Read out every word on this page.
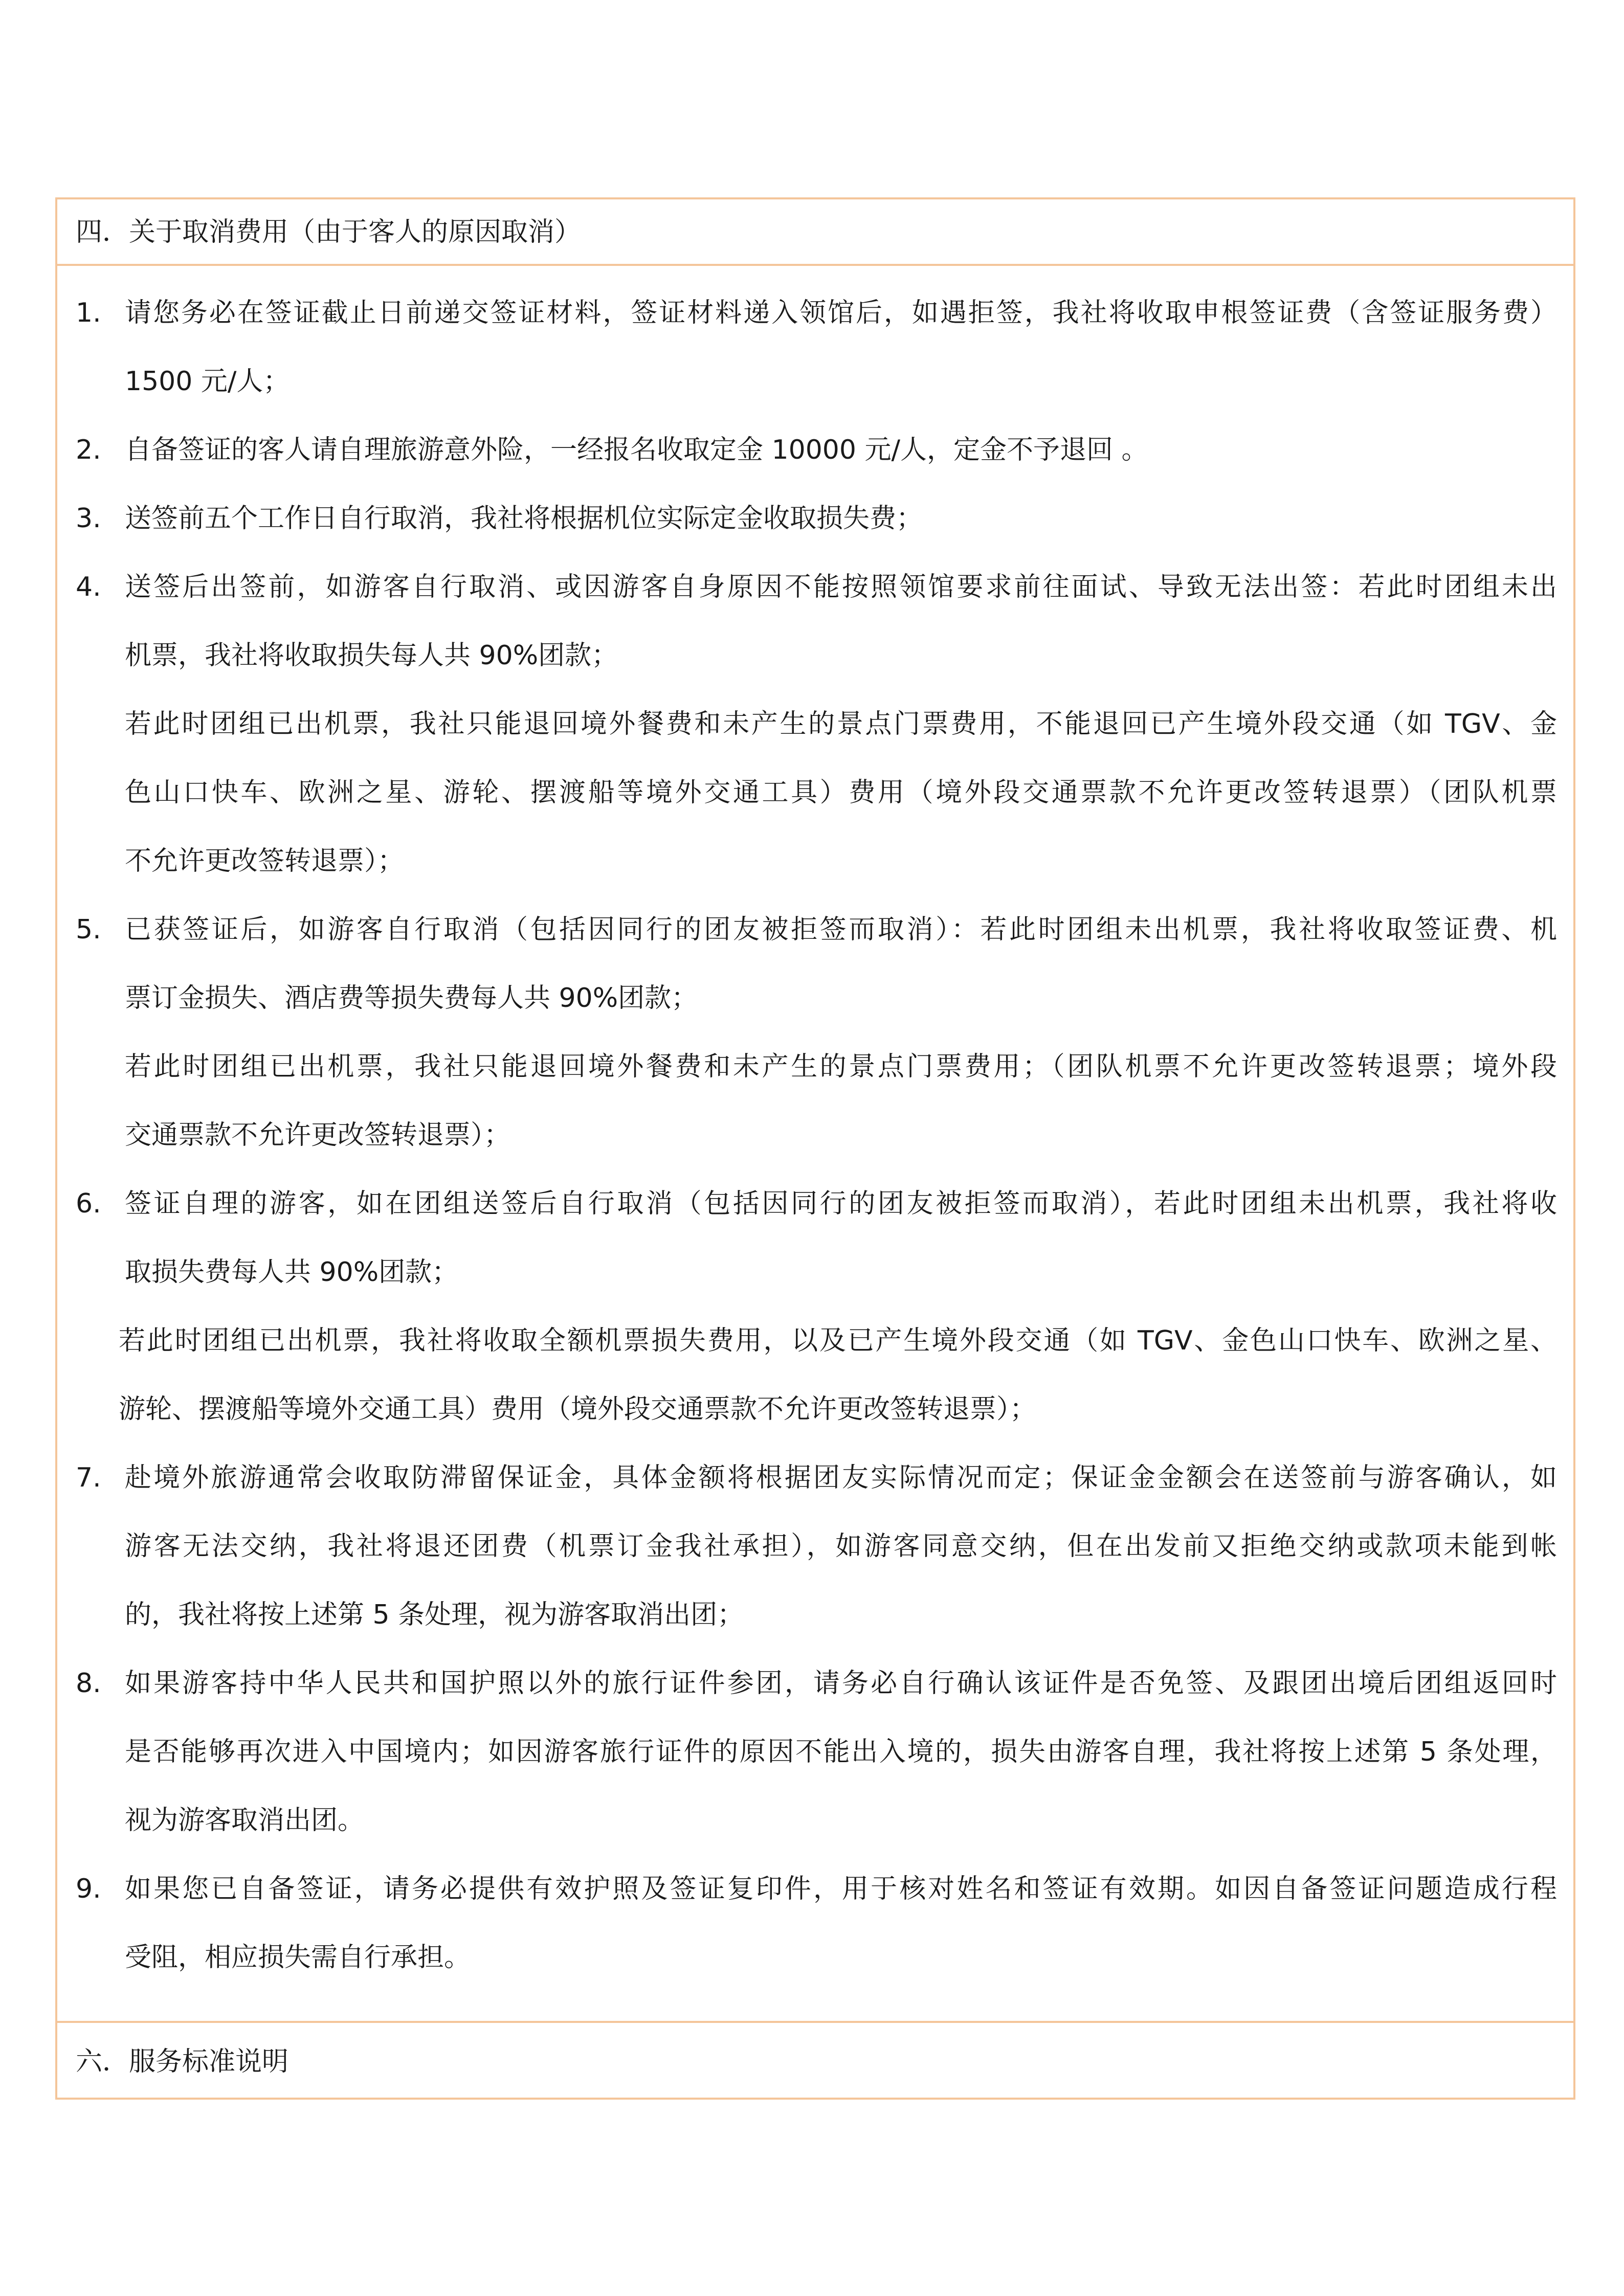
四．关于取消费用（由于客人的原因取消）
1. 请您务必在签证截止日前递交签证材料，签证材料递入领馆后，如遇拒签，我社将收取申根签证费（含签证服务费）
1500 元/人；
2. 自备签证的客人请自理旅游意外险，一经报名收取定金 10000 元/人，定金不予退回 。
3. 送签前五个工作日自行取消，我社将根据机位实际定金收取损失费；
4. 送签后出签前，如游客自行取消、或因游客自身原因不能按照领馆要求前往面试、导致无法出签：若此时团组未出
机票，我社将收取损失每人共 90%团款；
若此时团组已出机票，我社只能退回境外餐费和未产生的景点门票费用，不能退回已产生境外段交通（如 TGV、金
色山口快车、欧洲之星、游轮、摆渡船等境外交通工具）费用（境外段交通票款不允许更改签转退票）（团队机票
不允许更改签转退票）；
5. 已获签证后，如游客自行取消（包括因同行的团友被拒签而取消）：若此时团组未出机票，我社将收取签证费、机
票订金损失、酒店费等损失费每人共 90%团款；
若此时团组已出机票，我社只能退回境外餐费和未产生的景点门票费用；（团队机票不允许更改签转退票；境外段
交通票款不允许更改签转退票）；
6. 签证自理的游客，如在团组送签后自行取消（包括因同行的团友被拒签而取消），若此时团组未出机票，我社将收
取损失费每人共 90%团款；
若此时团组已出机票，我社将收取全额机票损失费用，以及已产生境外段交通（如 TGV、金色山口快车、欧洲之星、
游轮、摆渡船等境外交通工具）费用（境外段交通票款不允许更改签转退票）；
7. 赴境外旅游通常会收取防滞留保证金，具体金额将根据团友实际情况而定；保证金金额会在送签前与游客确认，如
游客无法交纳，我社将退还团费（机票订金我社承担），如游客同意交纳，但在出发前又拒绝交纳或款项未能到帐
的，我社将按上述第 5 条处理，视为游客取消出团；
8. 如果游客持中华人民共和国护照以外的旅行证件参团，请务必自行确认该证件是否免签、及跟团出境后团组返回时
是否能够再次进入中国境内；如因游客旅行证件的原因不能出入境的，损失由游客自理，我社将按上述第 5 条处理，
视为游客取消出团。
9. 如果您已自备签证，请务必提供有效护照及签证复印件，用于核对姓名和签证有效期。如因自备签证问题造成行程
受阻，相应损失需自行承担。
六．服务标准说明
